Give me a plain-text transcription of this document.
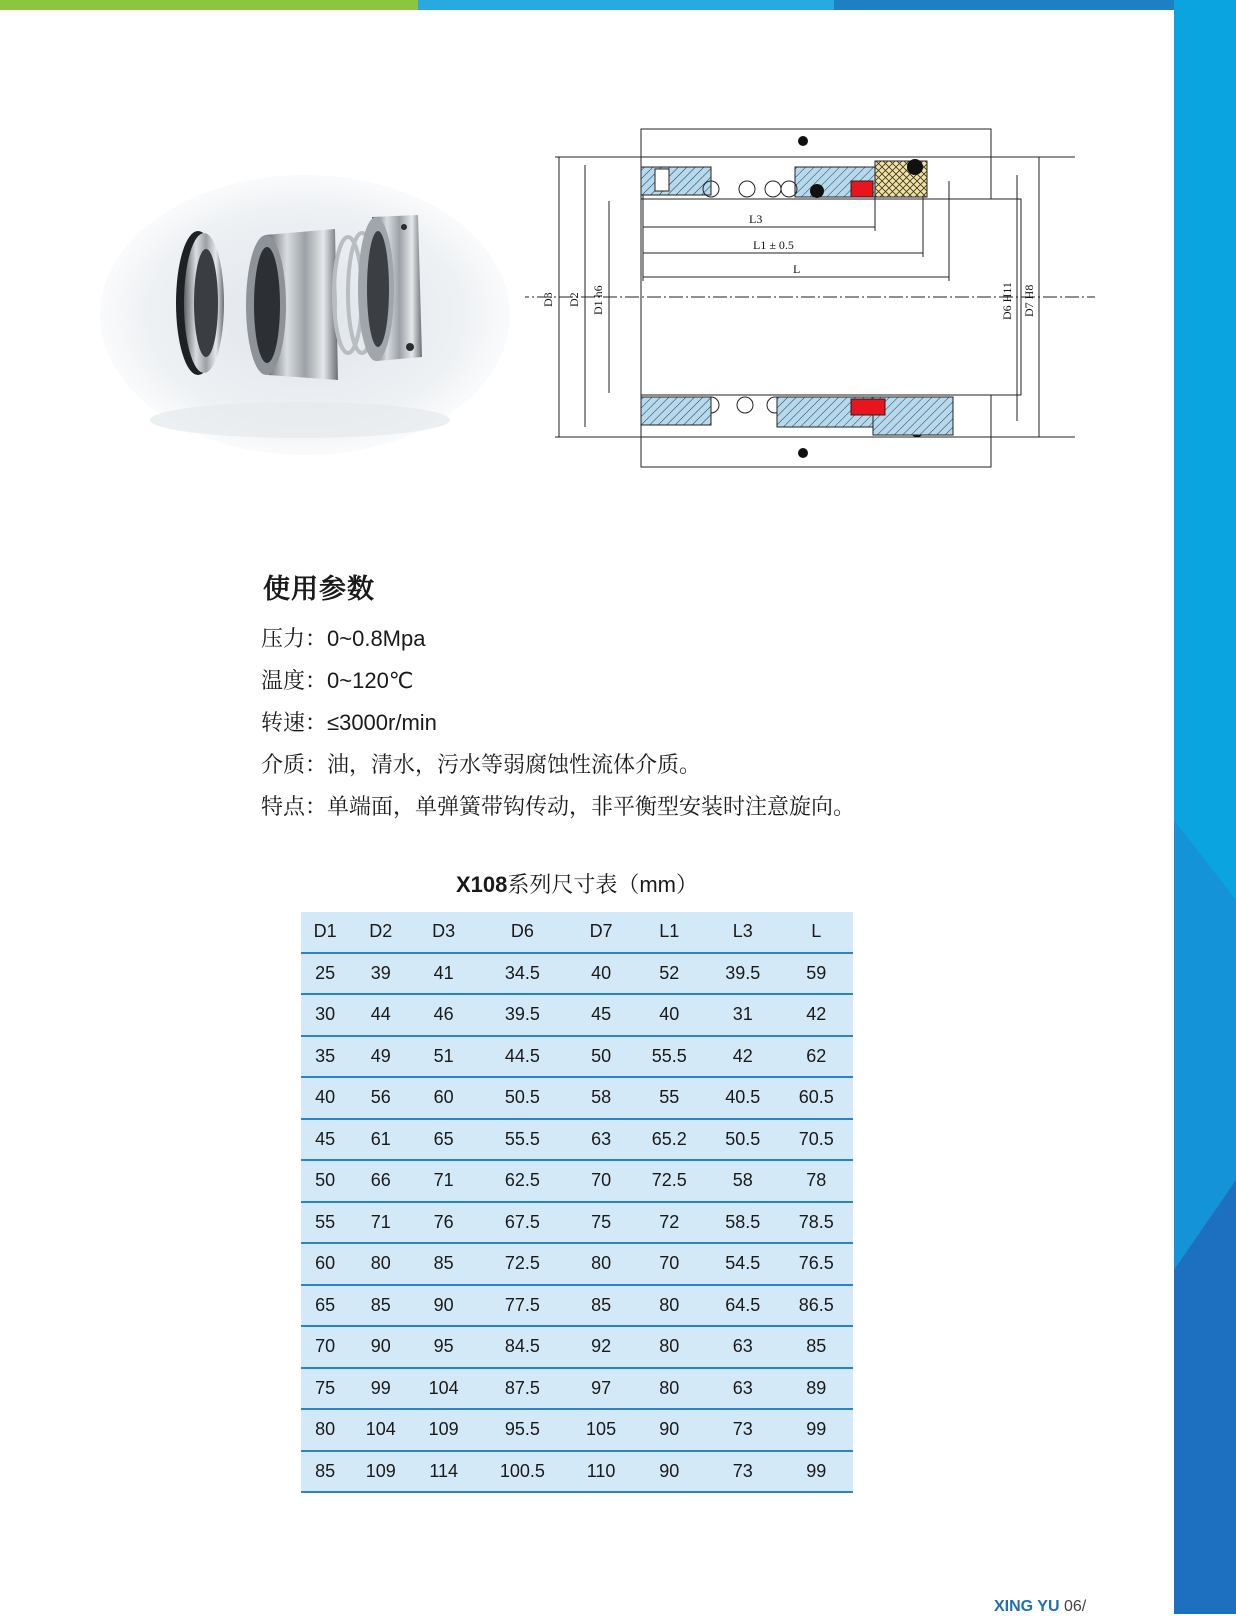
L3
L1 ± 0.5
L
D3 D2 D1 h6	D6 H11 D7 H8
使用参数
压力：0~0.8Mpa
温度：0~120℃
转速：≤3000r/min
介质：油，清水，污水等弱腐蚀性流体介质。
特点：单端面，单弹簧带钩传动，非平衡型安装时注意旋向。
X108系列尺寸表（mm）
D1	D2	D3	D6	D7	L1	L3	L
25	39	41	34.5	40	52	39.5	59
30	44	46	39.5	45	40	31	42
35	49	51	44.5	50	55.5	42	62
40	56	60	50.5	58	55	40.5	60.5
45	61	65	55.5	63	65.2	50.5	70.5
50	66	71	62.5	70	72.5	58	78
55	71	76	67.5	75	72	58.5	78.5
60	80	85	72.5	80	70	54.5	76.5
65	85	90	77.5	85	80	64.5	86.5
70	90	95	84.5	92	80	63	85
75	99	104	87.5	97	80	63	89
80	104	109	95.5	105	90	73	99
85	109	114	100.5	110	90	73	99
XING YU 06/
